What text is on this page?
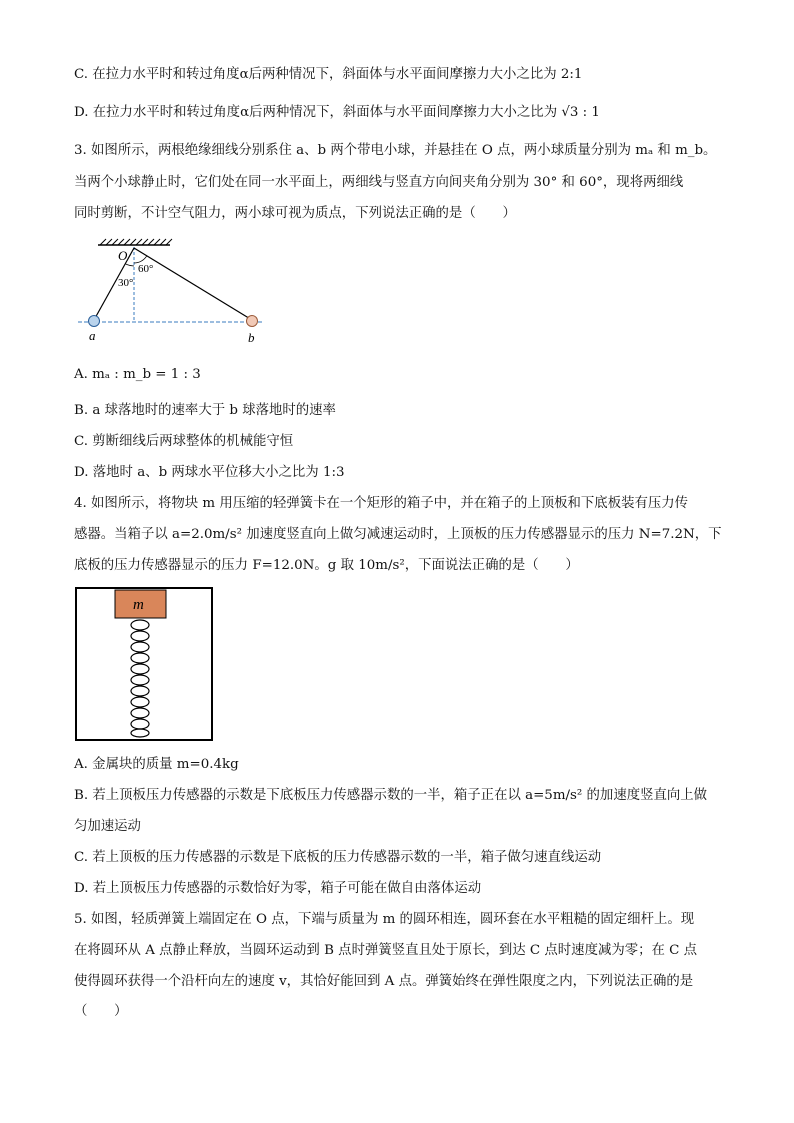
C. 在拉力水平时和转过角度α后两种情况下，斜面体与水平面间摩擦力大小之比为 2:1
D. 在拉力水平时和转过角度α后两种情况下，斜面体与水平面间摩擦力大小之比为 √3 : 1
3. 如图所示，两根绝缘细线分别系住 a、b 两个带电小球，并悬挂在 O 点，两小球质量分别为 mₐ 和 m_b。
当两个小球静止时，它们处在同一水平面上，两细线与竖直方向间夹角分别为 30° 和 60°，现将两细线
同时剪断，不计空气阻力，两小球可视为质点，下列说法正确的是（　　）
O
60°
30°
a	b
A. mₐ : m_b = 1 : 3
B. a 球落地时的速率大于 b 球落地时的速率
C. 剪断细线后两球整体的机械能守恒
D. 落地时 a、b 两球水平位移大小之比为 1:3
4. 如图所示，将物块 m 用压缩的轻弹簧卡在一个矩形的箱子中，并在箱子的上顶板和下底板装有压力传
感器。当箱子以 a=2.0m/s² 加速度竖直向上做匀减速运动时，上顶板的压力传感器显示的压力 N=7.2N，下
底板的压力传感器显示的压力 F=12.0N。g 取 10m/s²，下面说法正确的是（　　）
m
A. 金属块的质量 m=0.4kg
B. 若上顶板压力传感器的示数是下底板压力传感器示数的一半，箱子正在以 a=5m/s² 的加速度竖直向上做
匀加速运动
C. 若上顶板的压力传感器的示数是下底板的压力传感器示数的一半，箱子做匀速直线运动
D. 若上顶板压力传感器的示数恰好为零，箱子可能在做自由落体运动
5. 如图，轻质弹簧上端固定在 O 点，下端与质量为 m 的圆环相连，圆环套在水平粗糙的固定细杆上。现
在将圆环从 A 点静止释放，当圆环运动到 B 点时弹簧竖直且处于原长，到达 C 点时速度减为零；在 C 点
使得圆环获得一个沿杆向左的速度 v，其恰好能回到 A 点。弹簧始终在弹性限度之内，下列说法正确的是
（　　）
